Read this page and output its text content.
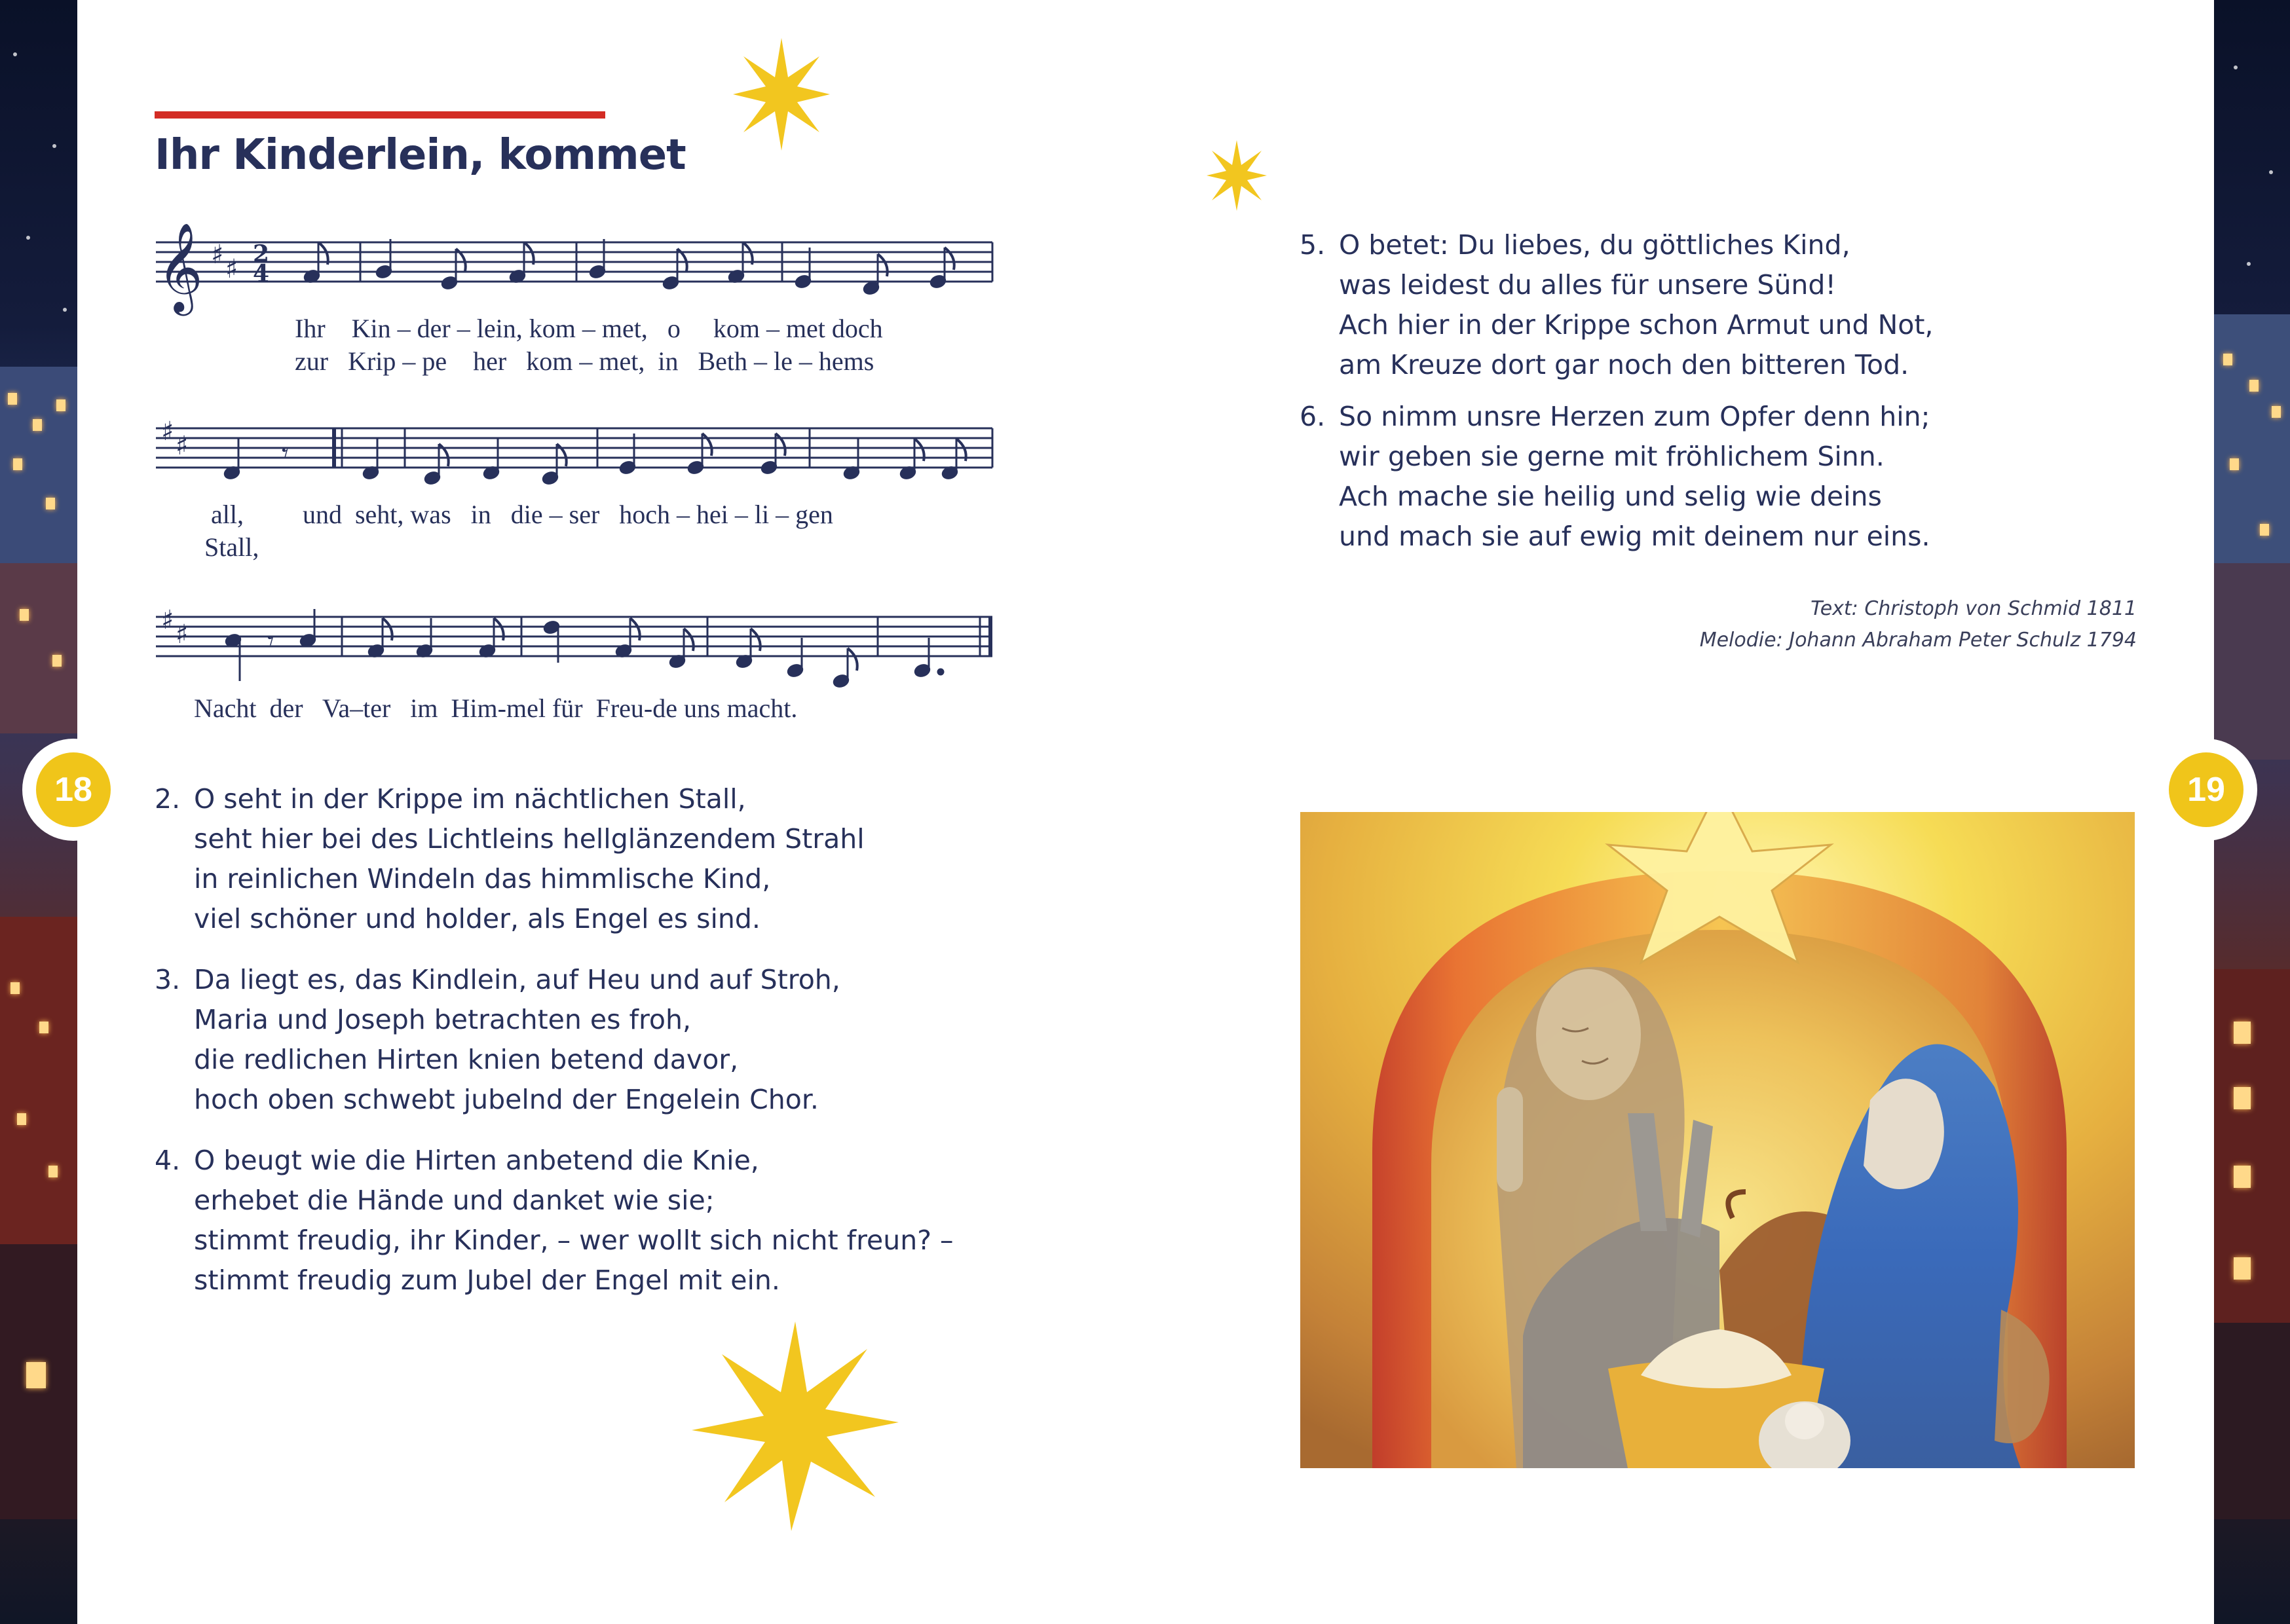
18	19
Ihr Kinderlein, kommet
𝄞 ♯ ♯ 2
4
♯ ♯
♯ ♯
𝄾
𝄾
Ihr Kin – der – lein, kom – met, o kom – met doch
zur Krip – pe her kom – met, in Beth – le – hems
all, und seht, was in die – ser hoch – hei – li – gen
Stall,
Nacht der Va–ter im Him-mel für Freu-de uns macht.
2. O seht in der Krippe im nächtlichen Stall,
seht hier bei des Lichtleins hellglänzendem Strahl
in reinlichen Windeln das himmlische Kind,
viel schöner und holder, als Engel es sind.
3. Da liegt es, das Kindlein, auf Heu und auf Stroh,
Maria und Joseph betrachten es froh,
die redlichen Hirten knien betend davor,
hoch oben schwebt jubelnd der Engelein Chor.
4. O beugt wie die Hirten anbetend die Knie,
erhebet die Hände und danket wie sie;
stimmt freudig, ihr Kinder, – wer wollt sich nicht freun? –
stimmt freudig zum Jubel der Engel mit ein.
5. O betet: Du liebes, du göttliches Kind,
was leidest du alles für unsere Sünd!
Ach hier in der Krippe schon Armut und Not,
am Kreuze dort gar noch den bitteren Tod.
6. So nimm unsre Herzen zum Opfer denn hin;
wir geben sie gerne mit fröhlichem Sinn.
Ach mache sie heilig und selig wie deins
und mach sie auf ewig mit deinem nur eins.
Text: Christoph von Schmid 1811
Melodie: Johann Abraham Peter Schulz 1794
